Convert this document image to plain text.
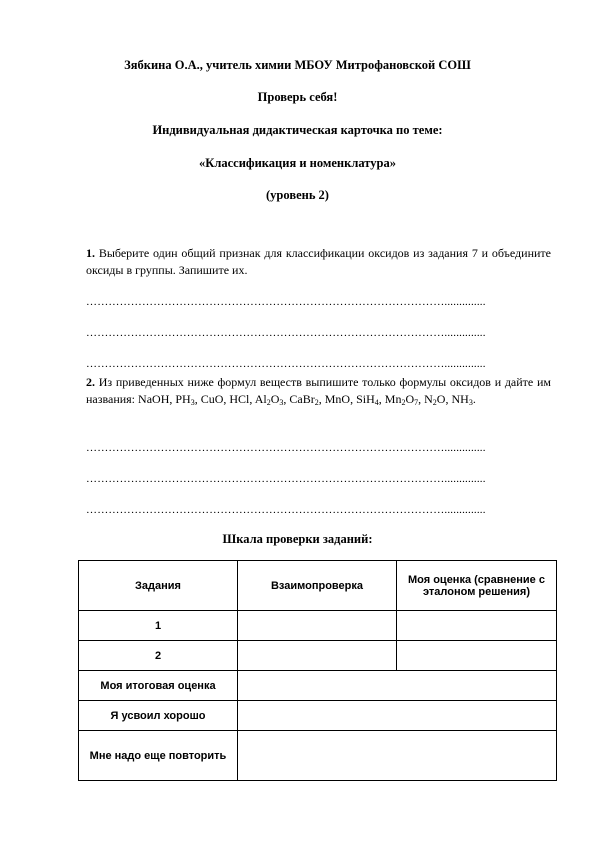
Зябкина О.А., учитель химии МБОУ Митрофановской СОШ
Проверь себя!
Индивидуальная дидактическая карточка по теме:
«Классификация и номенклатура»
(уровень 2)
1. Выберите один общий признак для классификации оксидов из задания 7 и объедините оксиды в группы. Запишите их.
……………………………………………………………………………………..............
……………………………………………………………………………………..............
……………………………………………………………………………………..............
2. Из приведенных ниже формул веществ выпишите только формулы оксидов и дайте им названия: NaOH, $PH_3$, CuO, HCl, $Al_2O_3$, CaBr$_2$, MnO, SiH$_4$, $Mn_2O_7$, $N_2O$, $NH_3$.
……………………………………………………………………………………..............
……………………………………………………………………………………..............
……………………………………………………………………………………..............
Шкала проверки заданий:
Задания	Взаимопроверка	Моя оценка (сравнение с эталоном решения)
1		
2		
Моя итоговая оценка		
Я усвоил хорошо		
Мне надо еще повторить		
